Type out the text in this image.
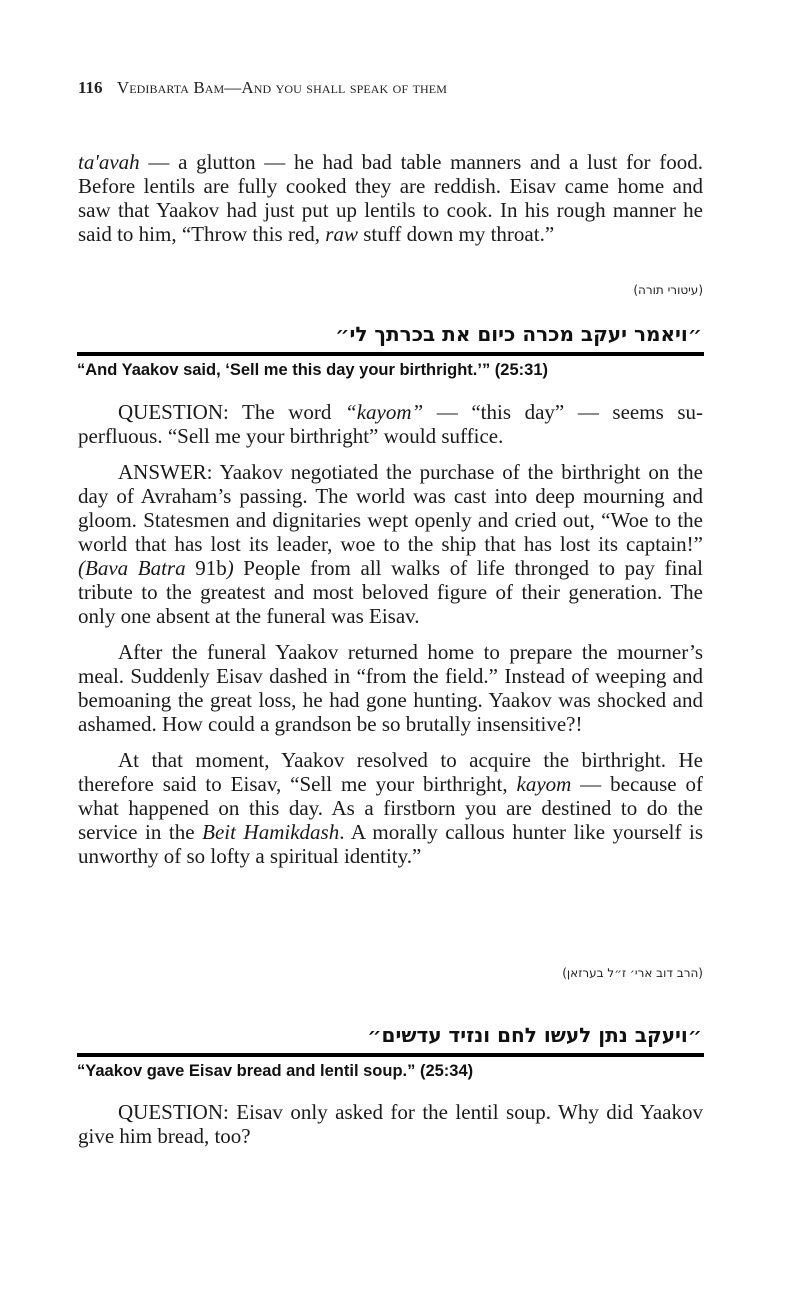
116 Vedibarta Bam—And you shall speak of them

ta'avah — a glutton — he had bad table manners and a lust for food. Before lentils are fully cooked they are reddish. Eisav came home and saw that Yaakov had just put up lentils to cook. In his rough manner he said to him, “Throw this red, raw stuff down my throat.”

(עיטורי תורה)
״ויאמר יעקב מכרה כיום את בכרתך לי״
“And Yaakov said, ‘Sell me this day your birthright.’” (25:31)

QUESTION: The word “kayom” — “this day” — seems superfluous. “Sell me your birthright” would suffice.

ANSWER: Yaakov negotiated the purchase of the birthright on the day of Avraham’s passing. The world was cast into deep mourning and gloom. Statesmen and dignitaries wept openly and cried out, “Woe to the world that has lost its leader, woe to the ship that has lost its captain!” (Bava Batra 91b) People from all walks of life thronged to pay final tribute to the greatest and most beloved figure of their generation. The only one absent at the funeral was Eisav.

After the funeral Yaakov returned home to prepare the mourner’s meal. Suddenly Eisav dashed in “from the field.” Instead of weeping and bemoaning the great loss, he had gone hunting. Yaakov was shocked and ashamed. How could a grandson be so brutally insensitive?!

At that moment, Yaakov resolved to acquire the birthright. He therefore said to Eisav, “Sell me your birthright, kayom — because of what happened on this day. As a firstborn you are destined to do the service in the Beit Hamikdash. A morally callous hunter like yourself is unworthy of so lofty a spiritual identity.”

(הרב דוב ארי׳ ז״ל בערזאן)
״ויעקב נתן לעשו לחם ונזיד עדשים״
“Yaakov gave Eisav bread and lentil soup.” (25:34)

QUESTION: Eisav only asked for the lentil soup. Why did Yaakov give him bread, too?
